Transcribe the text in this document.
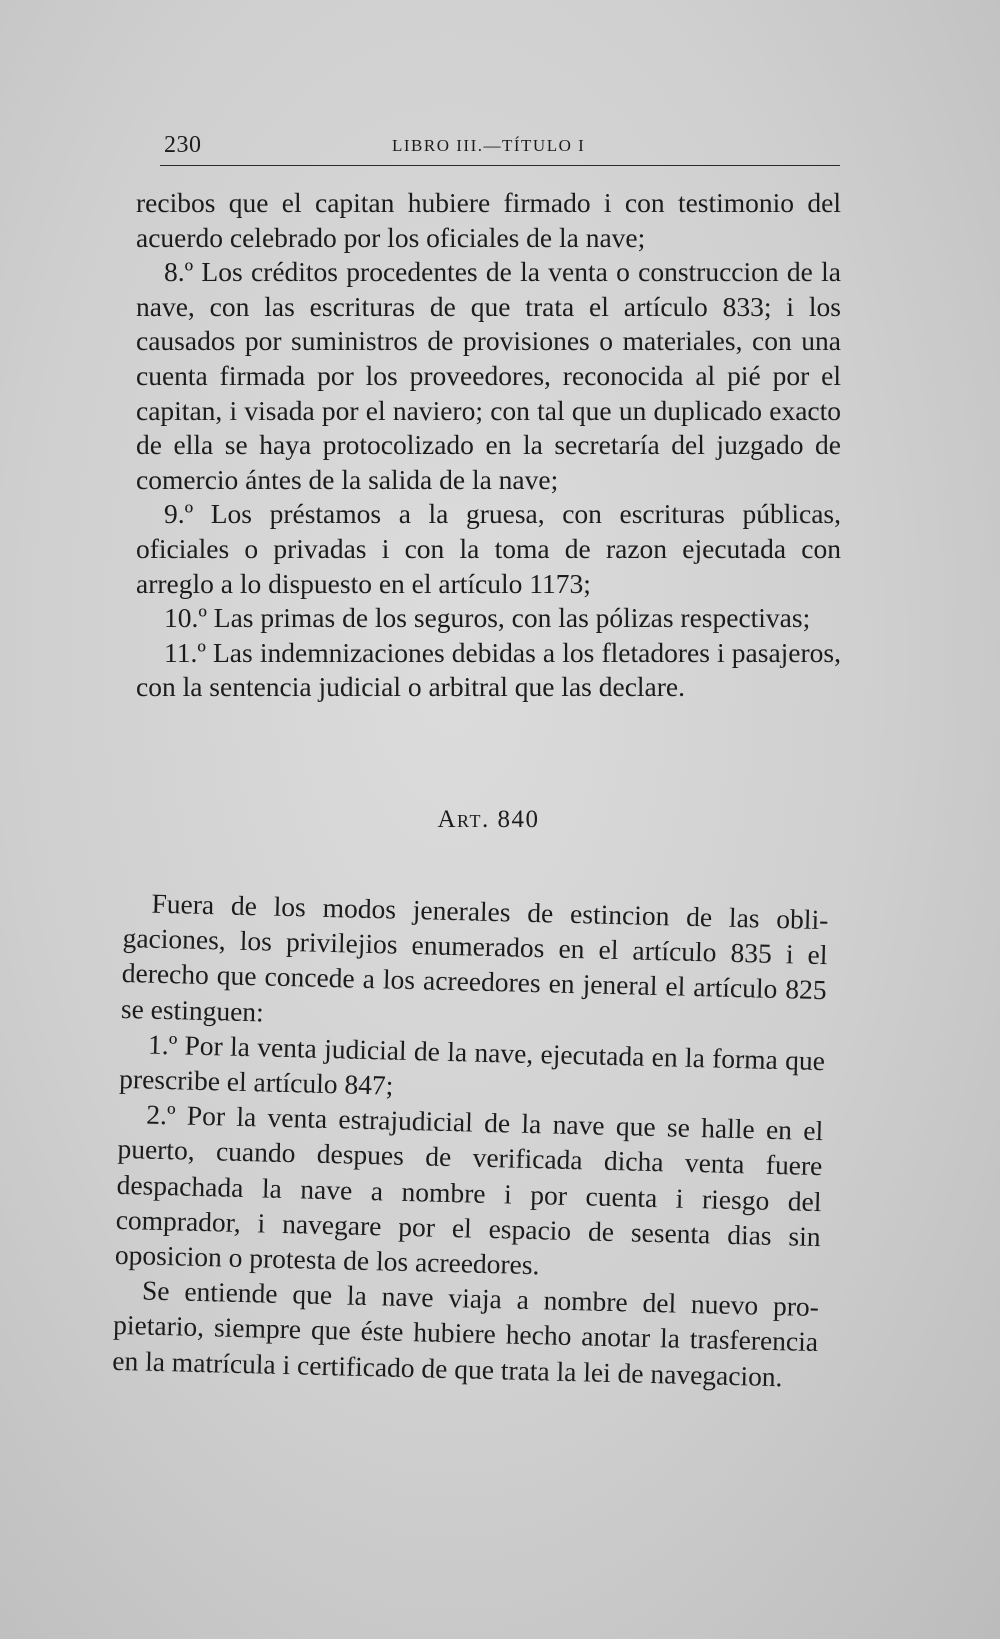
230	LIBRO III.—TÍTULO I

recibos que el capitan hubiere firmado i con testimonio del acuerdo celebrado por los oficiales de la nave;

8.º Los créditos procedentes de la venta o construccion de la nave, con las escrituras de que trata el artículo 833; i los causados por suministros de provisiones o materiales, con una cuenta firmada por los proveedores, reconocida al pié por el capitan, i visada por el naviero; con tal que un duplicado exacto de ella se haya protocolizado en la secretaría del juzgado de comercio ántes de la salida de la nave;

9.º Los préstamos a la gruesa, con escrituras públicas, oficiales o privadas i con la toma de razon ejecutada con arreglo a lo dispuesto en el artículo 1173;

10.º Las primas de los seguros, con las pólizas respectivas;

11.º Las indemnizaciones debidas a los fletadores i pasajeros, con la sentencia judicial o arbitral que las declare.

Art. 840

Fuera de los modos jenerales de estincion de las obligaciones, los privilejios enumerados en el artículo 835 i el derecho que concede a los acreedores en jeneral el artículo 825 se estinguen:

1.º Por la venta judicial de la nave, ejecutada en la forma que prescribe el artículo 847;

2.º Por la venta estrajudicial de la nave que se halle en el puerto, cuando despues de verificada dicha venta fuere despachada la nave a nombre i por cuenta i riesgo del comprador, i navegare por el espacio de sesenta dias sin oposicion o protesta de los acreedores.

Se entiende que la nave viaja a nombre del nuevo propietario, siempre que éste hubiere hecho anotar la trasferencia en la matrícula i certificado de que trata la lei de navegacion.
